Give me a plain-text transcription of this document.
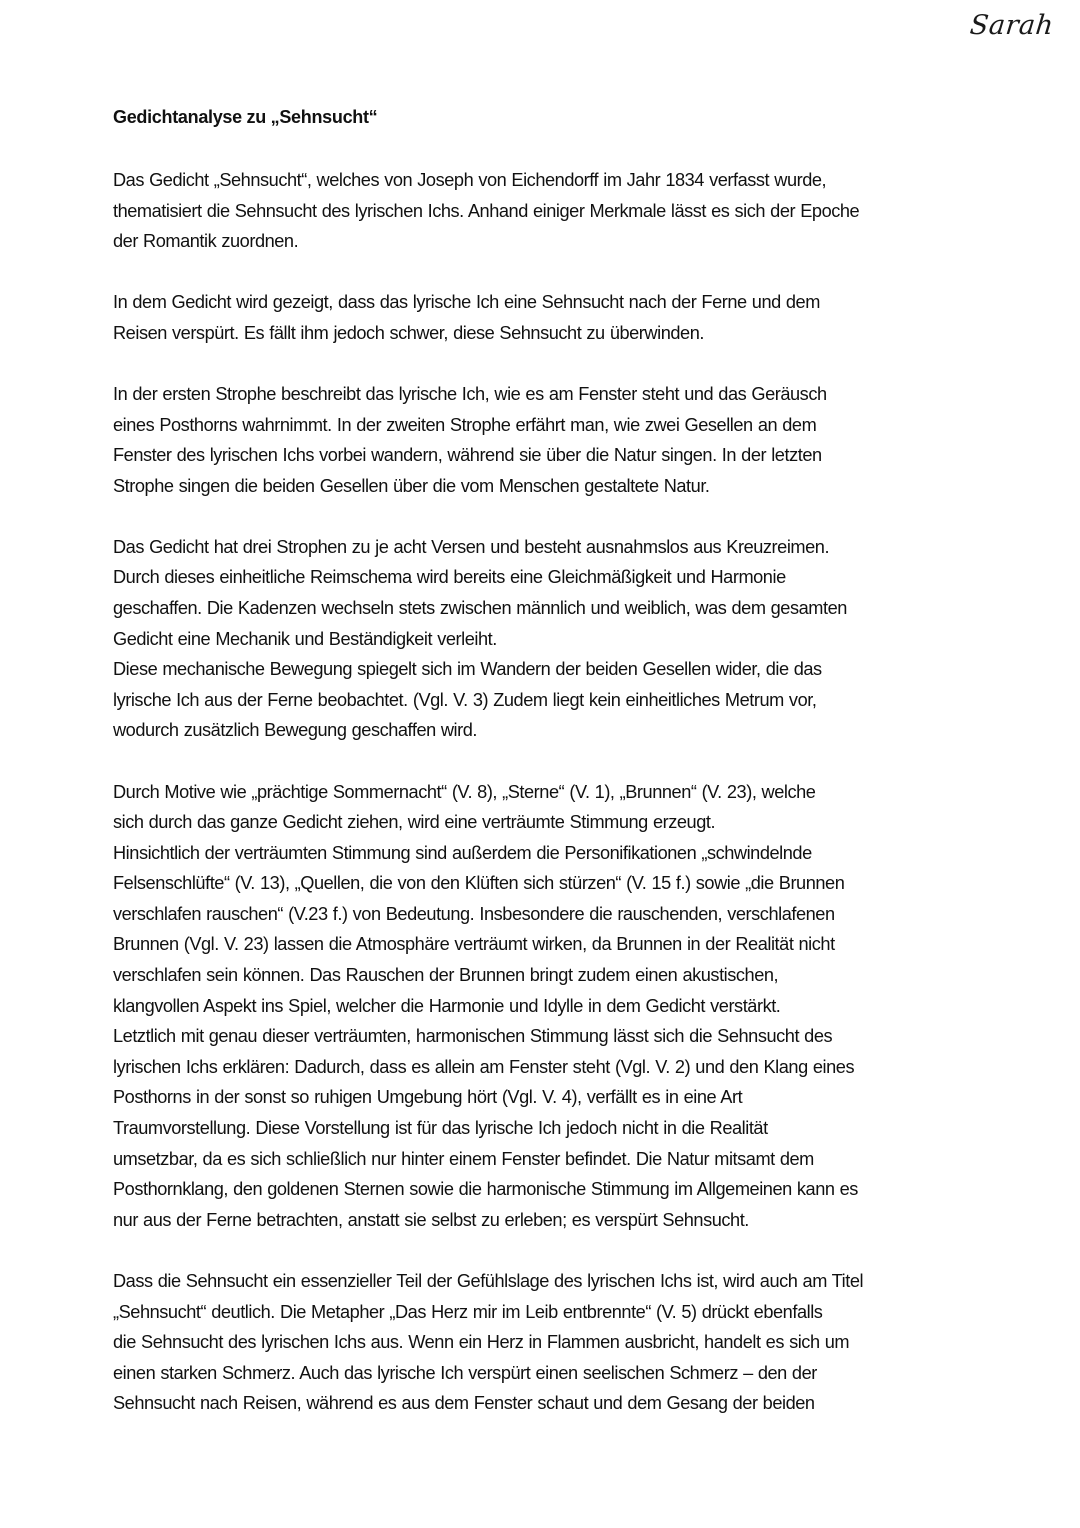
Sarah
Gedichtanalyse zu „Sehnsucht“
Das Gedicht „Sehnsucht“, welches von Joseph von Eichendorff im Jahr 1834 verfasst wurde,
thematisiert die Sehnsucht des lyrischen Ichs. Anhand einiger Merkmale lässt es sich der Epoche
der Romantik zuordnen.
In dem Gedicht wird gezeigt, dass das lyrische Ich eine Sehnsucht nach der Ferne und dem
Reisen verspürt. Es fällt ihm jedoch schwer, diese Sehnsucht zu überwinden.
In der ersten Strophe beschreibt das lyrische Ich, wie es am Fenster steht und das Geräusch
eines Posthorns wahrnimmt. In der zweiten Strophe erfährt man, wie zwei Gesellen an dem
Fenster des lyrischen Ichs vorbei wandern, während sie über die Natur singen. In der letzten
Strophe singen die beiden Gesellen über die vom Menschen gestaltete Natur.
Das Gedicht hat drei Strophen zu je acht Versen und besteht ausnahmslos aus Kreuzreimen.
Durch dieses einheitliche Reimschema wird bereits eine Gleichmäßigkeit und Harmonie
geschaffen. Die Kadenzen wechseln stets zwischen männlich und weiblich, was dem gesamten
Gedicht eine Mechanik und Beständigkeit verleiht.
Diese mechanische Bewegung spiegelt sich im Wandern der beiden Gesellen wider, die das
lyrische Ich aus der Ferne beobachtet. (Vgl. V. 3) Zudem liegt kein einheitliches Metrum vor,
wodurch zusätzlich Bewegung geschaffen wird.
Durch Motive wie „prächtige Sommernacht“ (V. 8), „Sterne“ (V. 1), „Brunnen“ (V. 23), welche
sich durch das ganze Gedicht ziehen, wird eine verträumte Stimmung erzeugt.
Hinsichtlich der verträumten Stimmung sind außerdem die Personifikationen „schwindelnde
Felsenschlüfte“ (V. 13), „Quellen, die von den Klüften sich stürzen“ (V. 15 f.) sowie „die Brunnen
verschlafen rauschen“ (V.23 f.) von Bedeutung. Insbesondere die rauschenden, verschlafenen
Brunnen (Vgl. V. 23) lassen die Atmosphäre verträumt wirken, da Brunnen in der Realität nicht
verschlafen sein können. Das Rauschen der Brunnen bringt zudem einen akustischen,
klangvollen Aspekt ins Spiel, welcher die Harmonie und Idylle in dem Gedicht verstärkt.
Letztlich mit genau dieser verträumten, harmonischen Stimmung lässt sich die Sehnsucht des
lyrischen Ichs erklären: Dadurch, dass es allein am Fenster steht (Vgl. V. 2) und den Klang eines
Posthorns in der sonst so ruhigen Umgebung hört (Vgl. V. 4), verfällt es in eine Art
Traumvorstellung. Diese Vorstellung ist für das lyrische Ich jedoch nicht in die Realität
umsetzbar, da es sich schließlich nur hinter einem Fenster befindet. Die Natur mitsamt dem
Posthornklang, den goldenen Sternen sowie die harmonische Stimmung im Allgemeinen kann es
nur aus der Ferne betrachten, anstatt sie selbst zu erleben; es verspürt Sehnsucht.
Dass die Sehnsucht ein essenzieller Teil der Gefühlslage des lyrischen Ichs ist, wird auch am Titel
„Sehnsucht“ deutlich. Die Metapher „Das Herz mir im Leib entbrennte“ (V. 5) drückt ebenfalls
die Sehnsucht des lyrischen Ichs aus. Wenn ein Herz in Flammen ausbricht, handelt es sich um
einen starken Schmerz. Auch das lyrische Ich verspürt einen seelischen Schmerz – den der
Sehnsucht nach Reisen, während es aus dem Fenster schaut und dem Gesang der beiden
